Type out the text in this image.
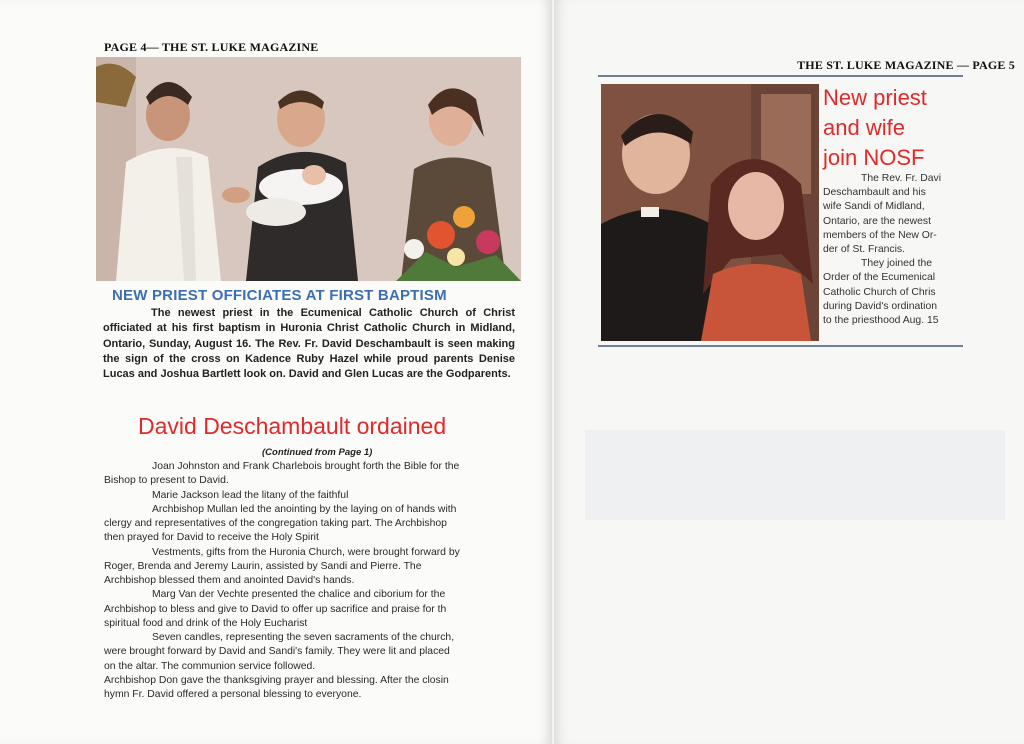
PAGE 4— THE ST. LUKE MAGAZINE
THE ST. LUKE MAGAZINE — PAGE 5
NEW PRIEST OFFICIATES AT FIRST BAPTISM
The newest priest in the Ecumenical Catholic Church of Christ officiated at his first baptism in Huronia Christ Catholic Church in Midland, Ontario, Sunday, August 16. The Rev. Fr. David Deschambault is seen making the sign of the cross on Kadence Ruby Hazel while proud parents Denise Lucas and Joshua Bartlett look on. David and Glen Lucas are the Godparents.
David Deschambault ordained
(Continued from Page 1)

Joan Johnston and Frank Charlebois brought forth the Bible for the

Bishop to present to David.

Marie Jackson lead the litany of the faithful

Archbishop Mullan led the anointing by the laying on of hands with

clergy and representatives of the congregation taking part. The Archbishop

then prayed for David to receive the Holy Spirit

Vestments, gifts from the Huronia Church, were brought forward by

Roger, Brenda and Jeremy Laurin, assisted by Sandi and Pierre. The

Archbishop blessed them and anointed David's hands.

Marg Van der Vechte presented the chalice and ciborium for the

Archbishop to bless and give to David to offer up sacrifice and praise for th

spiritual food and drink of the Holy Eucharist

Seven candles, representing the seven sacraments of the church,

were brought forward by David and Sandi's family. They were lit and placed

on the altar. The communion service followed.

Archbishop Don gave the thanksgiving prayer and blessing. After the closin

hymn Fr. David offered a personal blessing to everyone.

New priest
and wife
join NOSF

The Rev. Fr. Davi

Deschambault and his

wife Sandi of Midland,

Ontario, are the newest

members of the New Or-

der of St. Francis.

They joined the

Order of the Ecumenical

Catholic Church of Chris

during David's ordination

to the priesthood Aug. 15
